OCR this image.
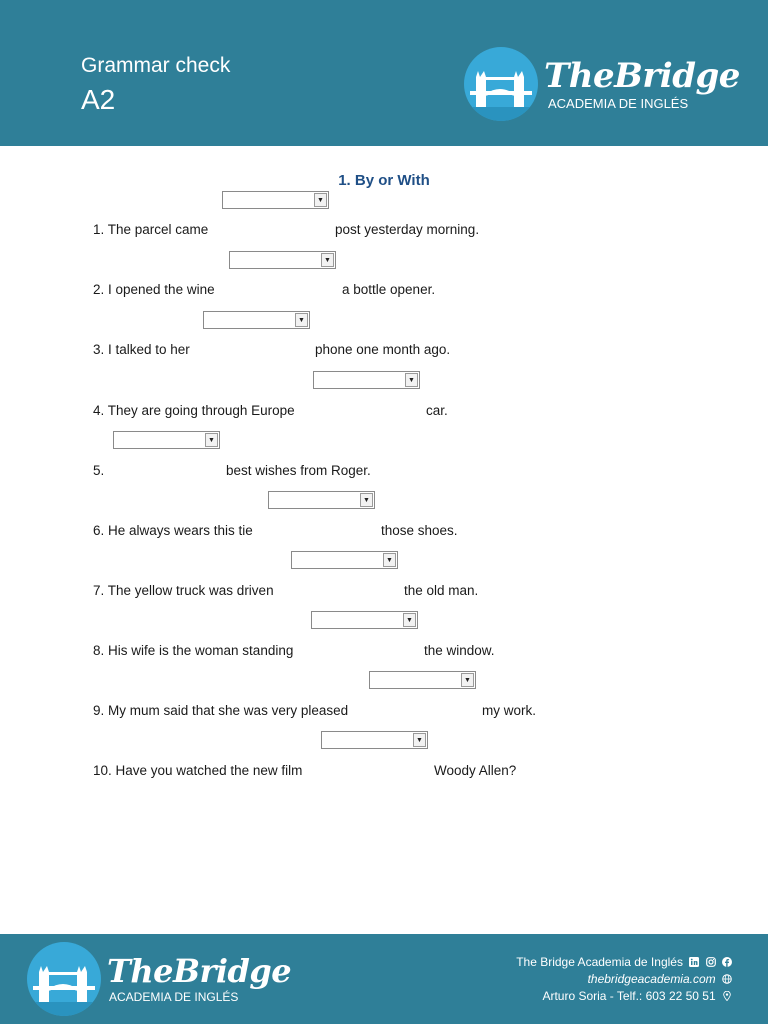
Grammar check
A2
TheBridge
ACADEMIA DE INGLÉS
1. By or With
▼
1. The parcel came	post yesterday morning.
▼
2. I opened the wine	a bottle opener.
▼
3. I talked to her	phone one month ago.
▼
4. They are going through Europe	car.
▼
5.	best wishes from Roger.
▼
6. He always wears this tie	those shoes.
▼
7. The yellow truck was driven	the old man.
▼
8. His wife is the woman standing	the window.
▼
9. My mum said that she was very pleased	my work.
▼
10. Have you watched the new film	Woody Allen?
TheBridge
ACADEMIA DE INGLÉS
The Bridge Academia de Inglés
thebridgeacademia.com
Arturo Soria - Telf.: 603 22 50 51
